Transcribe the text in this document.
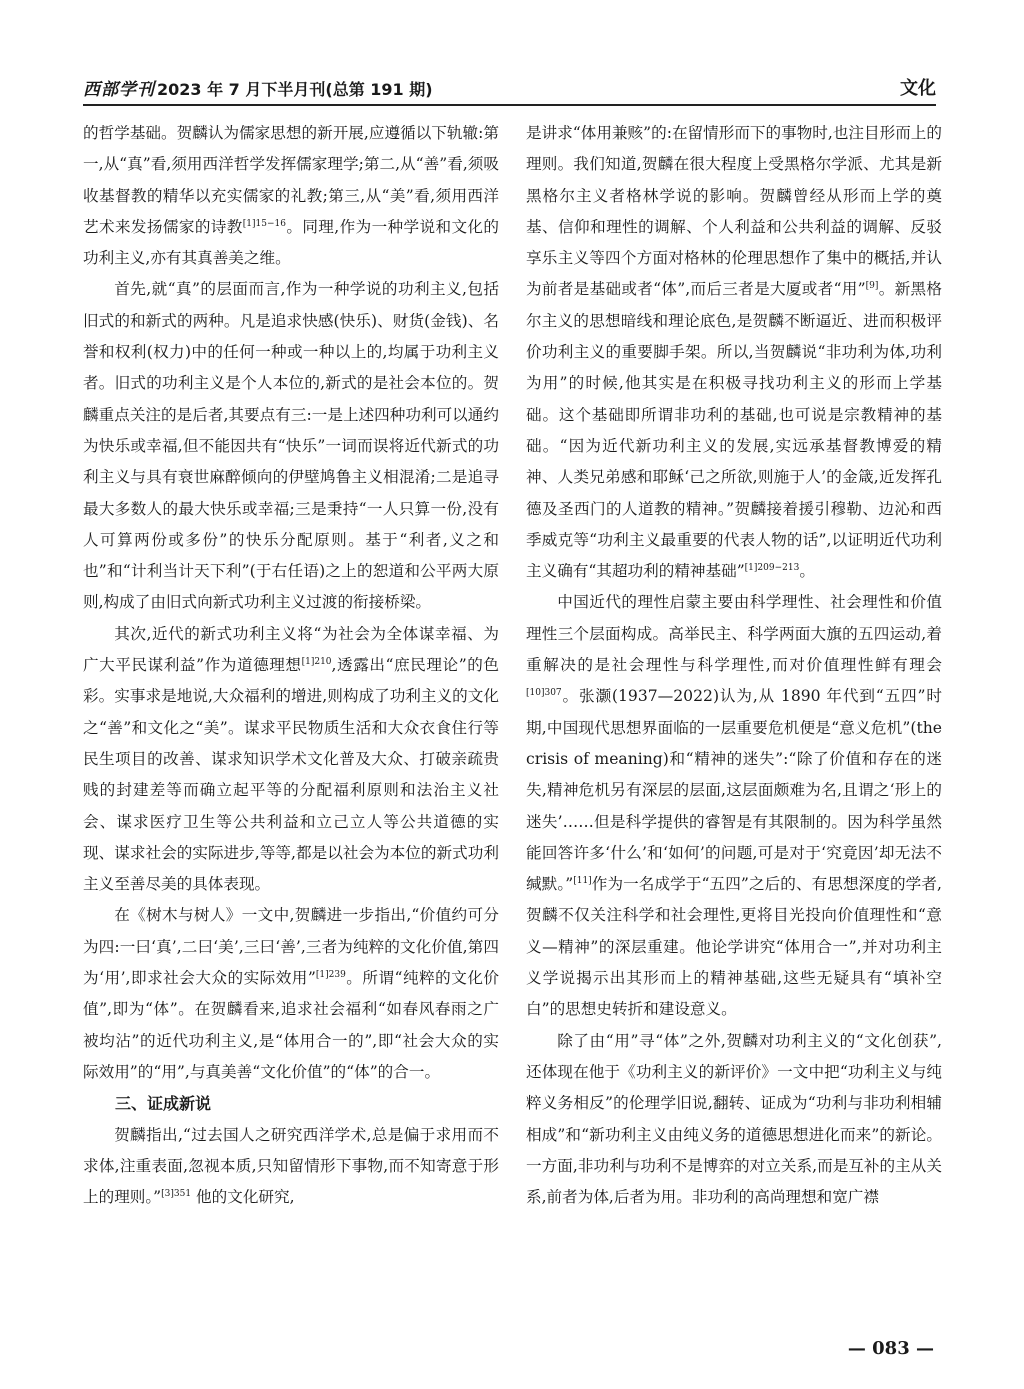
西部学刊 2023 年 7 月下半月刊(总第 191 期)	文化

的哲学基础。贺麟认为儒家思想的新开展,应遵循以下轨辙:第一,从“真”看,须用西洋哲学发挥儒家理学;第二,从“善”看,须吸收基督教的精华以充实儒家的礼教;第三,从“美”看,须用西洋艺术来发扬儒家的诗教$^{[1]15-16}$。同理,作为一种学说和文化的功利主义,亦有其真善美之维。

首先,就“真”的层面而言,作为一种学说的功利主义,包括旧式的和新式的两种。凡是追求快感(快乐)、财货(金钱)、名誉和权利(权力)中的任何一种或一种以上的,均属于功利主义者。旧式的功利主义是个人本位的,新式的是社会本位的。贺麟重点关注的是后者,其要点有三:一是上述四种功利可以通约为快乐或幸福,但不能因共有“快乐”一词而误将近代新式的功利主义与具有衰世麻醉倾向的伊壁鸠鲁主义相混淆;二是追寻最大多数人的最大快乐或幸福;三是秉持“一人只算一份,没有人可算两份或多份”的快乐分配原则。基于“利者,义之和也”和“计利当计天下利”(于右任语)之上的恕道和公平两大原则,构成了由旧式向新式功利主义过渡的衔接桥梁。

其次,近代的新式功利主义将“为社会为全体谋幸福、为广大平民谋利益”作为道德理想$^{[1]210}$,透露出“庶民理论”的色彩。实事求是地说,大众福利的增进,则构成了功利主义的文化之“善”和文化之“美”。谋求平民物质生活和大众衣食住行等民生项目的改善、谋求知识学术文化普及大众、打破亲疏贵贱的封建差等而确立起平等的分配福利原则和法治主义社会、谋求医疗卫生等公共利益和立己立人等公共道德的实现、谋求社会的实际进步,等等,都是以社会为本位的新式功利主义至善尽美的具体表现。

在《树木与树人》一文中,贺麟进一步指出,“价值约可分为四:一曰‘真’,二曰‘美’,三曰‘善’,三者为纯粹的文化价值,第四为‘用’,即求社会大众的实际效用”$^{[1]239}$。所谓“纯粹的文化价值”,即为“体”。在贺麟看来,追求社会福利“如春风春雨之广被均沾”的近代功利主义,是“体用合一的”,即“社会大众的实际效用”的“用”,与真美善“文化价值”的“体”的合一。

三、证成新说

贺麟指出,“过去国人之研究西洋学术,总是偏于求用而不求体,注重表面,忽视本质,只知留情形下事物,而不知寄意于形上的理则。”$^{[3]351}$ 他的文化研究,

是讲求“体用兼赅”的:在留情形而下的事物时,也注目形而上的理则。我们知道,贺麟在很大程度上受黑格尔学派、尤其是新黑格尔主义者格林学说的影响。贺麟曾经从形而上学的奠基、信仰和理性的调解、个人利益和公共利益的调解、反驳享乐主义等四个方面对格林的伦理思想作了集中的概括,并认为前者是基础或者“体”,而后三者是大厦或者“用”[9]。新黑格尔主义的思想暗线和理论底色,是贺麟不断逼近、进而积极评价功利主义的重要脚手架。所以,当贺麟说“非功利为体,功利为用”的时候,他其实是在积极寻找功利主义的形而上学基础。这个基础即所谓非功利的基础,也可说是宗教精神的基础。“因为近代新功利主义的发展,实远承基督教博爱的精神、人类兄弟感和耶稣‘己之所欲,则施于人’的金箴,近发挥孔德及圣西门的人道教的精神。”贺麟接着援引穆勒、边沁和西季威克等“功利主义最重要的代表人物的话”,以证明近代功利主义确有“其超功利的精神基础”$^{[1]209-213}$。

中国近代的理性启蒙主要由科学理性、社会理性和价值理性三个层面构成。高举民主、科学两面大旗的五四运动,着重解决的是社会理性与科学理性,而对价值理性鲜有理会$^{[10]307}$。张灏(1937—2022)认为,从 1890 年代到“五四”时期,中国现代思想界面临的一层重要危机便是“意义危机”(the crisis of meaning)和“精神的迷失”:“除了价值和存在的迷失,精神危机另有深层的层面,这层面颇难为名,且谓之‘形上的迷失’……但是科学提供的睿智是有其限制的。因为科学虽然能回答许多‘什么’和‘如何’的问题,可是对于‘究竟因’却无法不缄默。”[11]作为一名成学于“五四”之后的、有思想深度的学者,贺麟不仅关注科学和社会理性,更将目光投向价值理性和“意义—精神”的深层重建。他论学讲究“体用合一”,并对功利主义学说揭示出其形而上的精神基础,这些无疑具有“填补空白”的思想史转折和建设意义。

除了由“用”寻“体”之外,贺麟对功利主义的“文化创获”,还体现在他于《功利主义的新评价》一文中把“功利主义与纯粹义务相反”的伦理学旧说,翻转、证成为“功利与非功利相辅相成”和“新功利主义由纯义务的道德思想进化而来”的新论。一方面,非功利与功利不是博弈的对立关系,而是互补的主从关系,前者为体,后者为用。非功利的高尚理想和宽广襟

— 083 —
